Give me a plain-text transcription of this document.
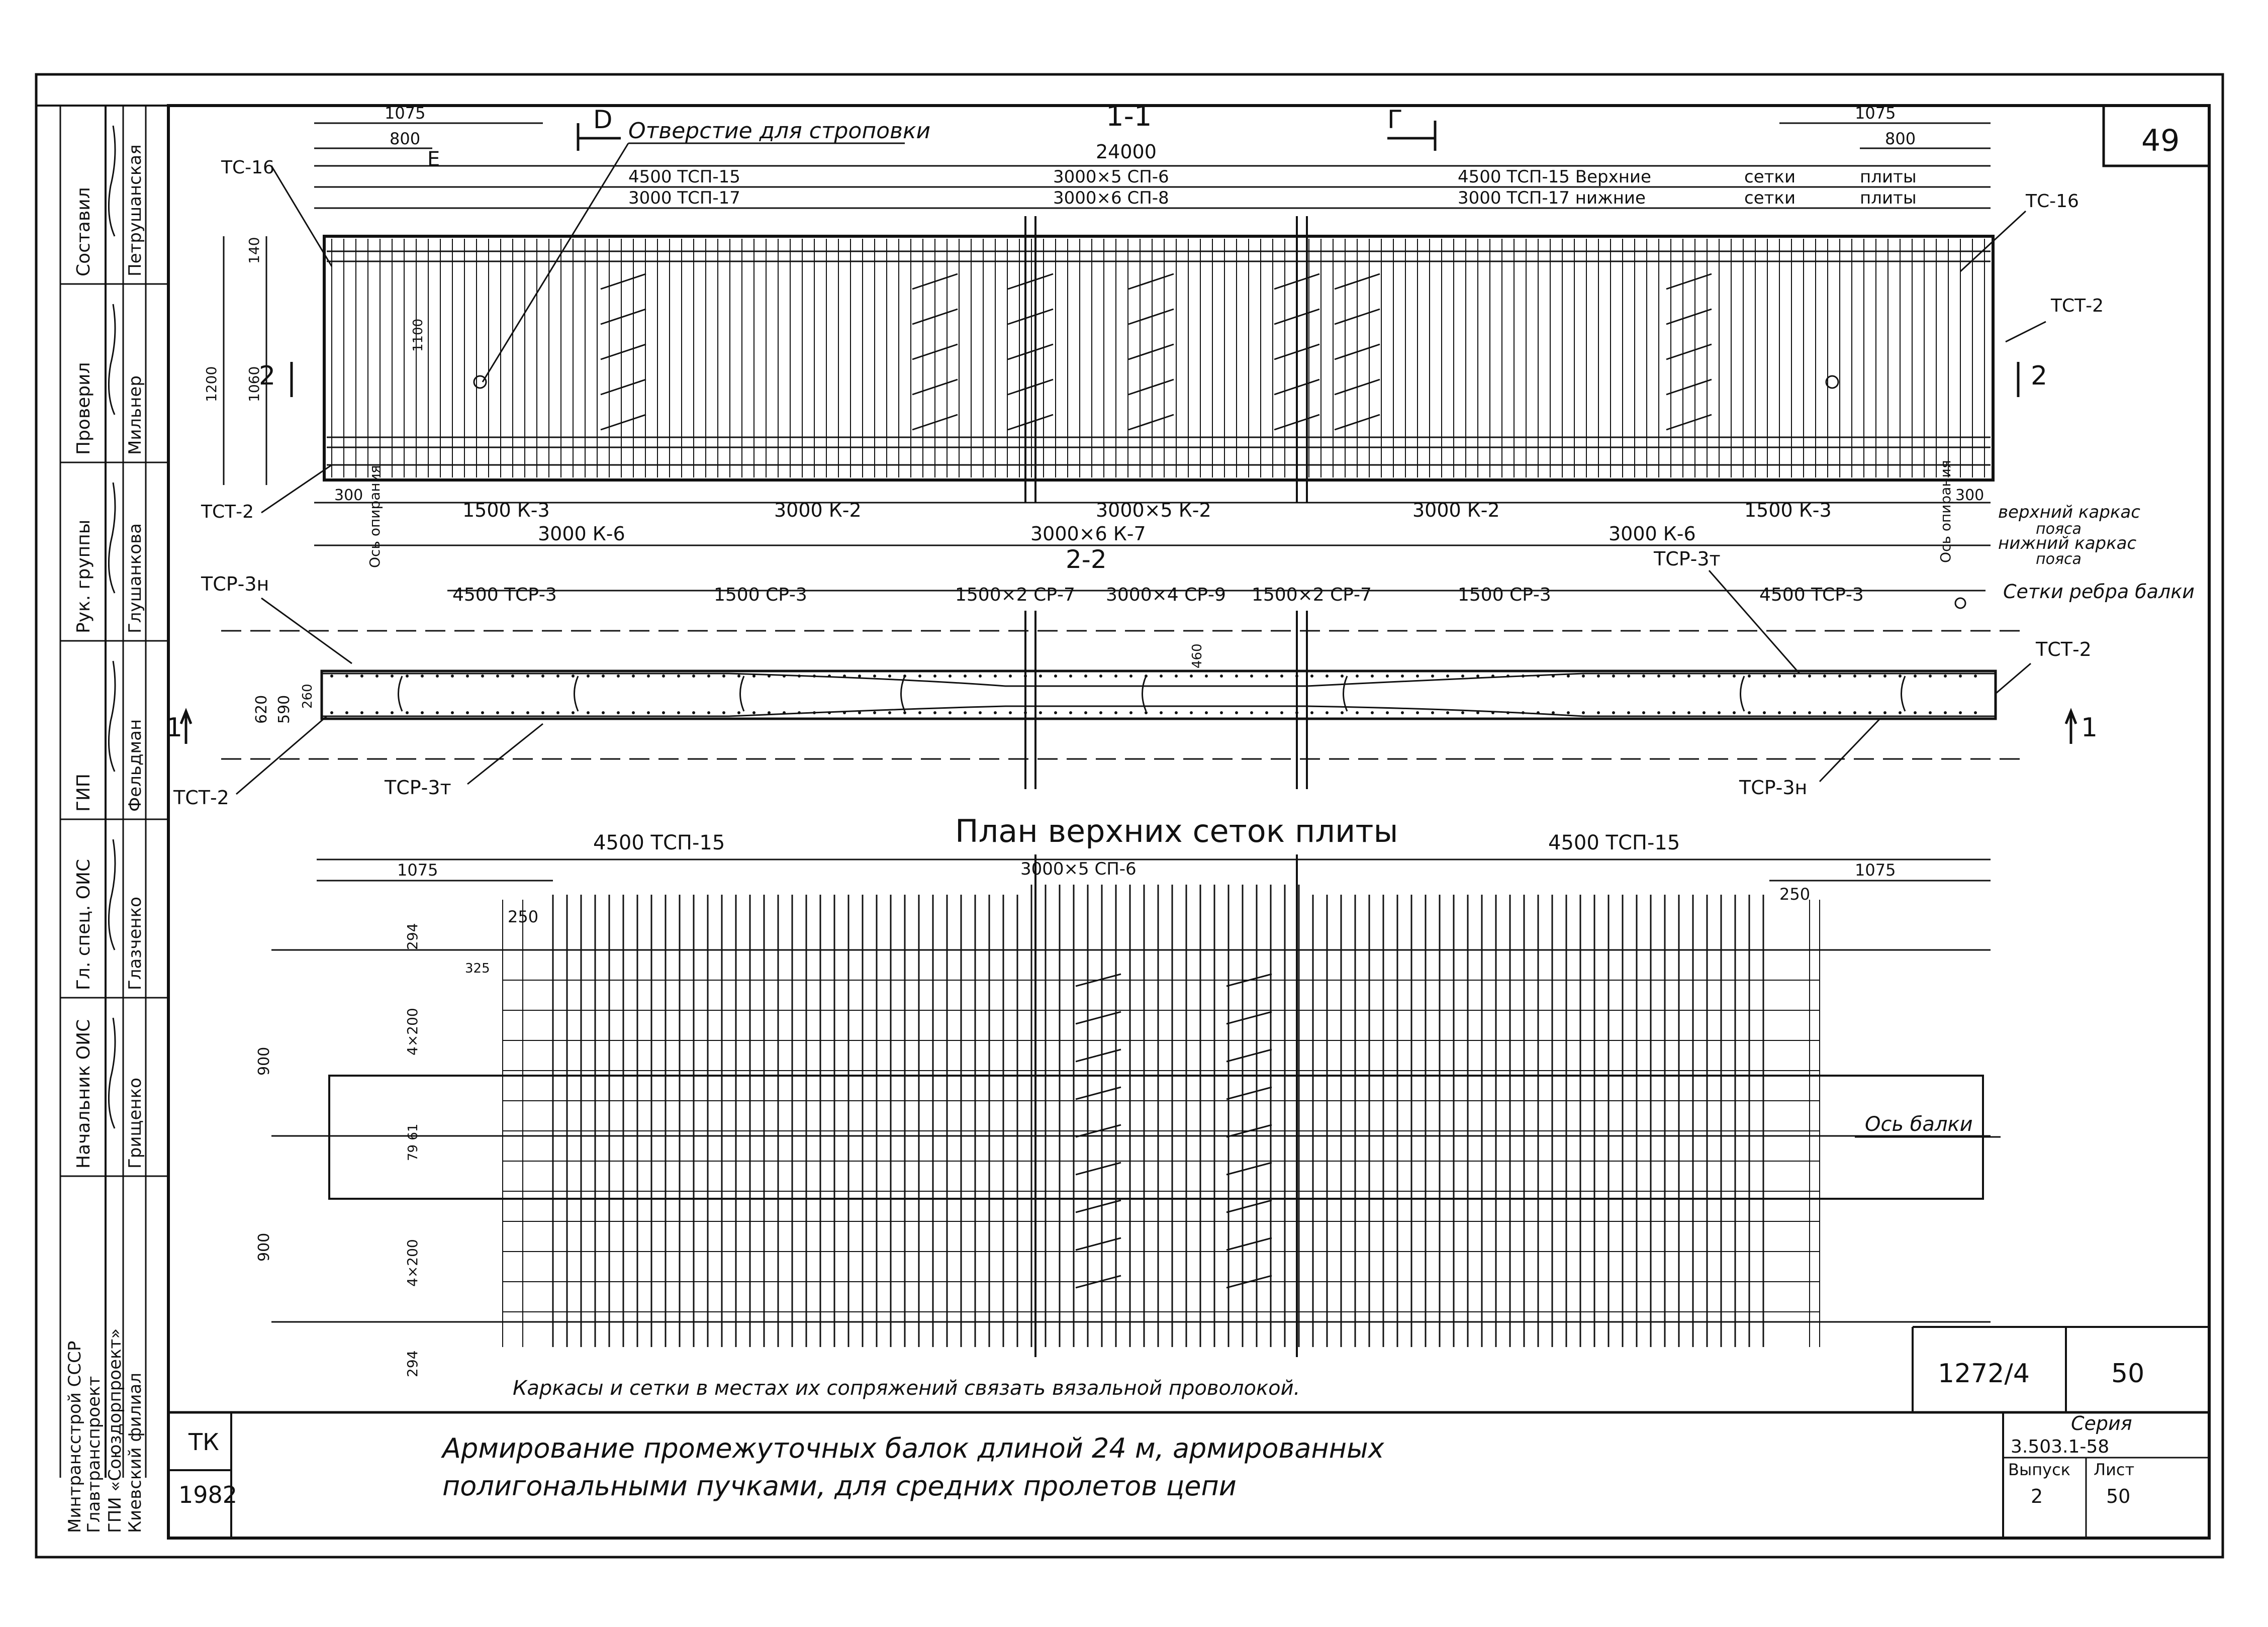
49
Составил Петрушанская
Проверил Мильнер
Рук. группы Глушанкова
ГИП Фельдман
Гл. спец. ОИС Глазченко
Начальник ОИС Грищенко
1-1
24000
Отверстие для строповки
D	Г
E
1075
800
1075
800
4500 ТСП-15	3000×5 СП-6	4500 ТСП-15 Верхние	сетки	плиты
3000 ТСП-17	3000×6 СП-8	3000 ТСП-17 нижние	сетки	плиты
ТС-16
ТС-16
ТСТ-2
ТСТ-2
1200 1060
140
1100
2	2
300
1500 К-3	3000 К-2	3000×5 К-2	3000 К-2	1500 К-3
300
3000 К-6	3000×6 К-7	3000 К-6
Ось опирания	Ось опирания	верхний каркас
пояса
нижний каркас
пояса
2-2
4500 ТСР-3	1500 СР-3	1500×2 СР-7 3000×4 СР-9 1500×2 СР-7	1500 СР-3	4500 ТСР-3
ТСР-3н
ТСР-3т
ТСТ-2
ТСР-3т
ТСТ-2
ТСР-3н
Сетки ребра балки
620 590 260
460
1	1
План верхних сеток плиты
4500 ТСП-15	4500 ТСП-15
3000×5 СП-6
1075
250
250
1075
294
4×200
900
79 61
900	4×200
294
325
Ось балки
Каркасы и сетки в местах их сопряжений связать вязальной проволокой.	1272/4	50
ТК
1982
Армирование промежуточных балок длиной 24 м, армированных
полигональными пучками, для средних пролетов цепи
Серия
3.503.1-58
Выпуск
2
Лист
50
Минтрансстрой СССР
Главтранспроект ГПИ «Союздорпроект» Киевский филиал
